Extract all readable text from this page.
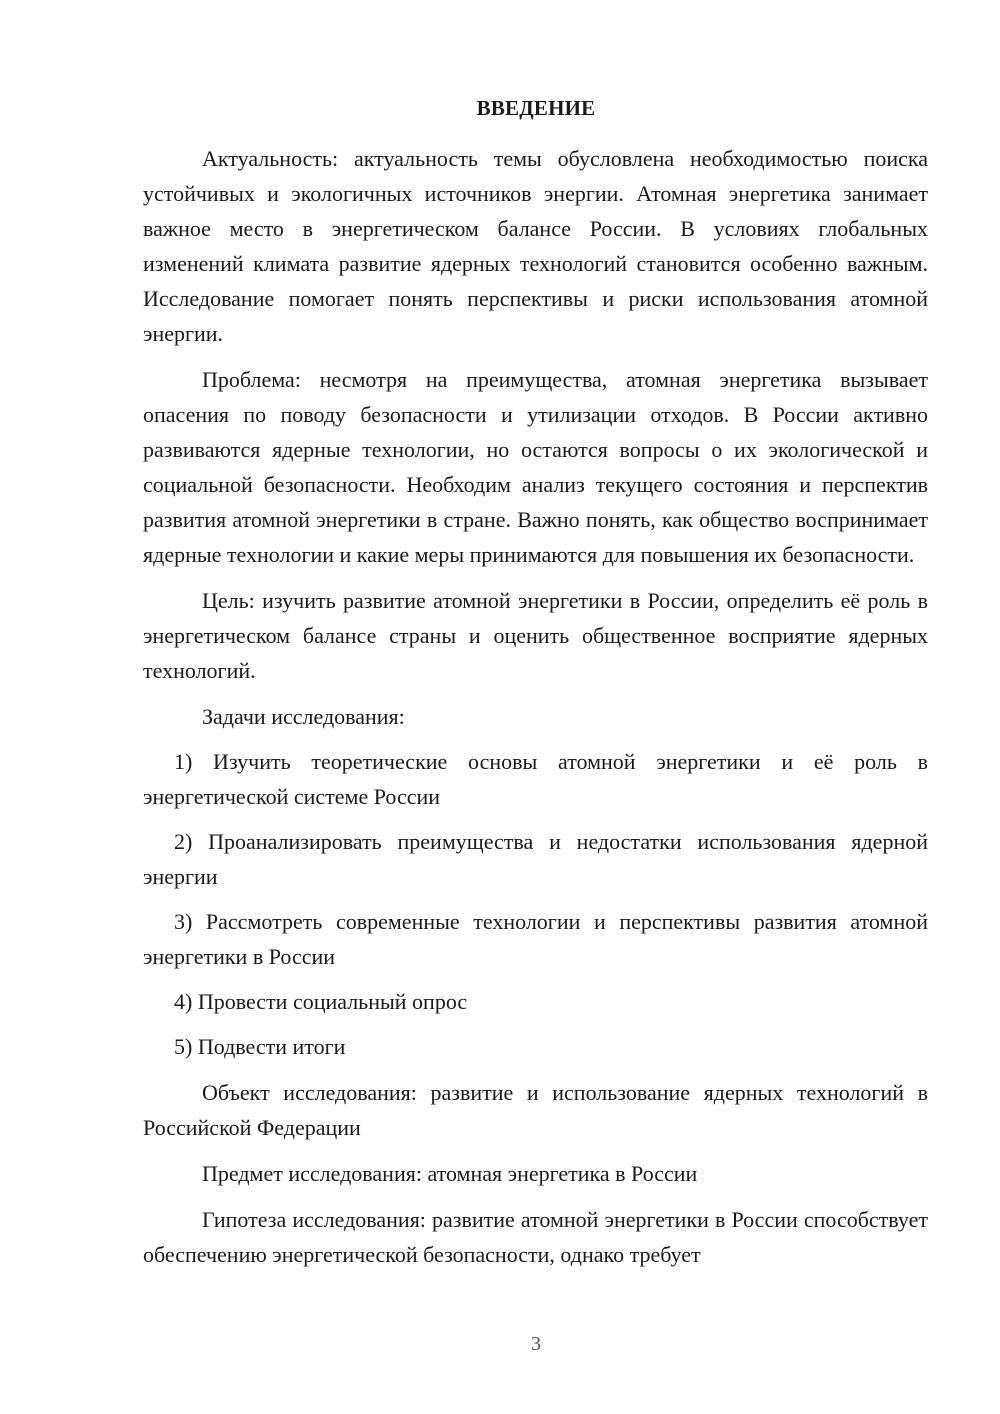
ВВЕДЕНИЕ

Актуальность: актуальность темы обусловлена необходимостью поиска устойчивых и экологичных источников энергии. Атомная энергетика занимает важное место в энергетическом балансе России. В условиях глобальных изменений климата развитие ядерных технологий становится особенно важным. Исследование помогает понять перспективы и риски использования атомной энергии.

Проблема: несмотря на преимущества, атомная энергетика вызывает опасения по поводу безопасности и утилизации отходов. В России активно развиваются ядерные технологии, но остаются вопросы о их экологической и социальной безопасности. Необходим анализ текущего состояния и перспектив развития атомной энергетики в стране. Важно понять, как общество воспринимает ядерные технологии и какие меры принимаются для повышения их безопасности.

Цель: изучить развитие атомной энергетики в России, определить её роль в энергетическом балансе страны и оценить общественное восприятие ядерных технологий.

Задачи исследования:

1) Изучить теоретические основы атомной энергетики и её роль в энергетической системе России

2) Проанализировать преимущества и недостатки использования ядерной энергии

3) Рассмотреть современные технологии и перспективы развития атомной энергетики в России

4) Провести социальный опрос

5) Подвести итоги

Объект исследования: развитие и использование ядерных технологий в Российской Федерации

Предмет исследования: атомная энергетика в России

Гипотеза исследования: развитие атомной энергетики в России способствует обеспечению энергетической безопасности, однако требует

3
